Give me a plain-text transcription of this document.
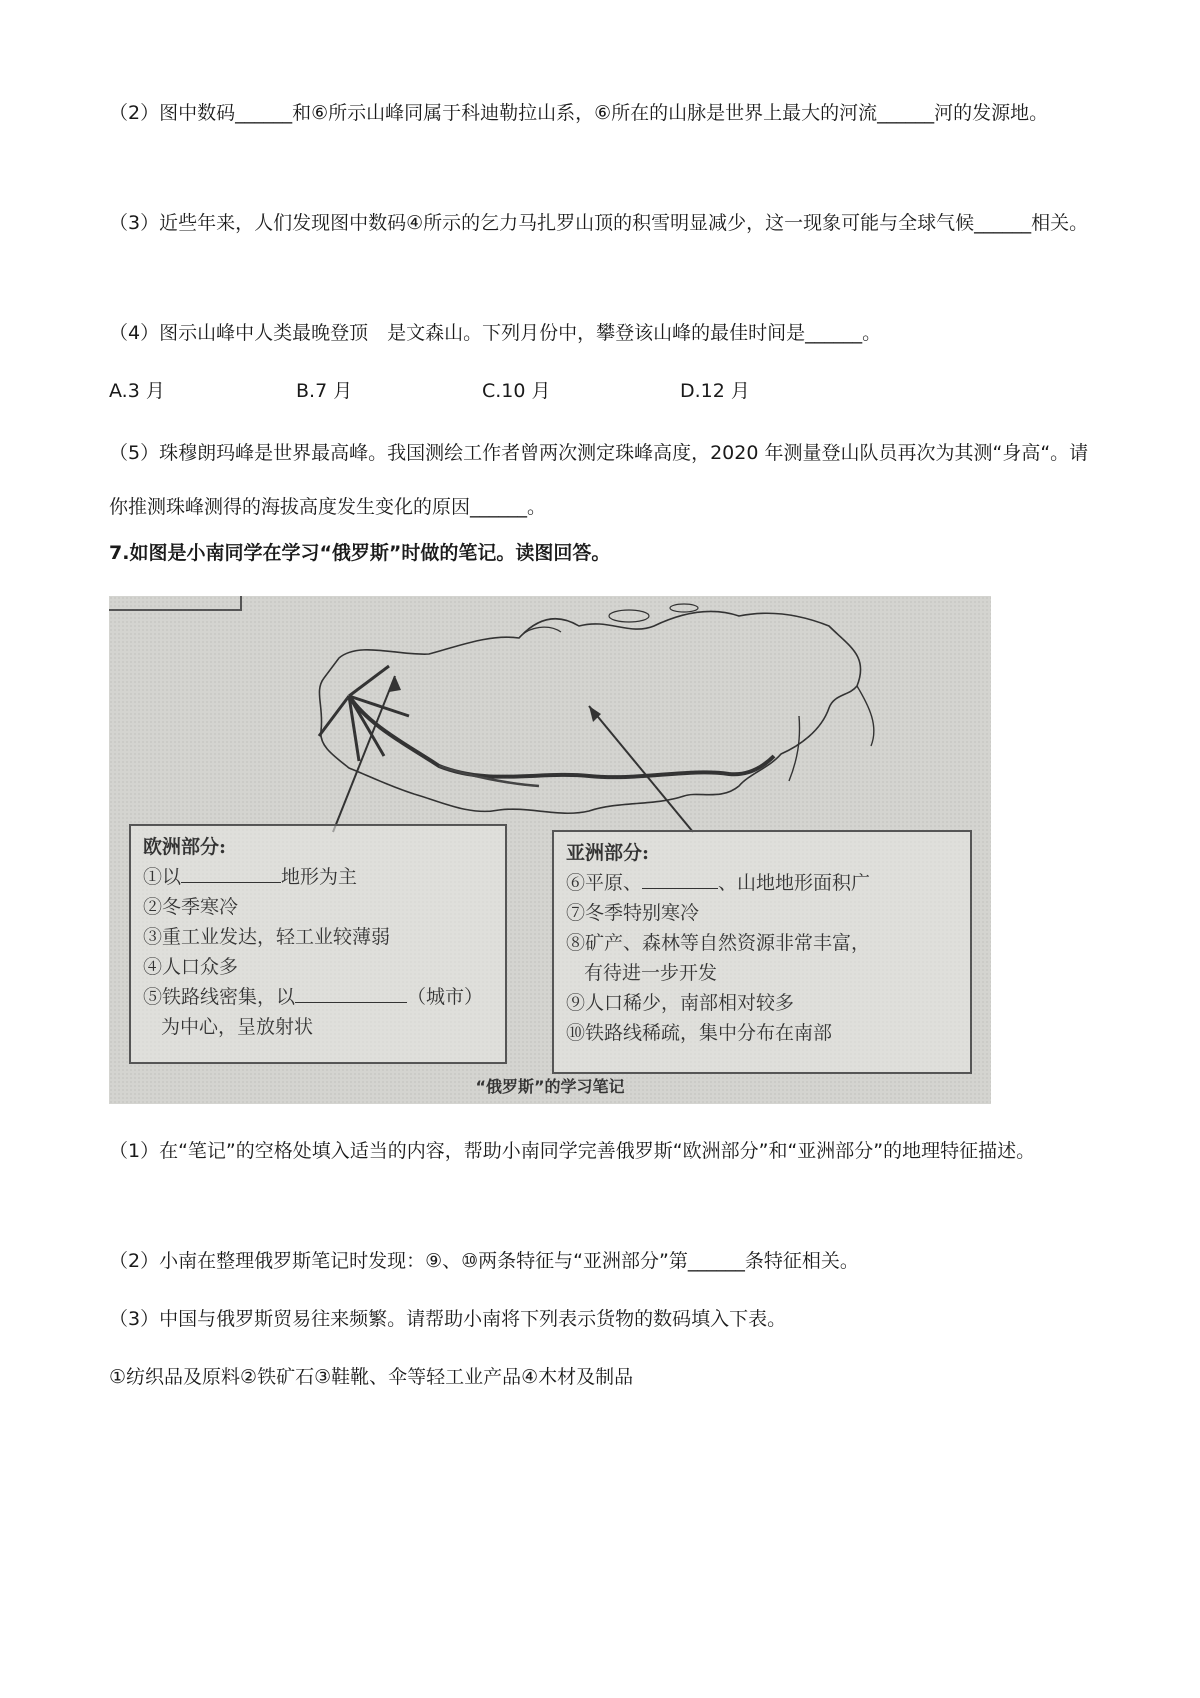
（2）图中数码______和⑥所示山峰同属于科迪勒拉山系，⑥所在的山脉是世界上最大的河流______河的发源地。

（3）近些年来，人们发现图中数码④所示的乞力马扎罗山顶的积雪明显减少，这一现象可能与全球气候______相关。

（4）图示山峰中人类最晚登顶　是文森山。下列月份中，攀登该山峰的最佳时间是______。

A.3 月	B.7 月	C.10 月	D.12 月

（5）珠穆朗玛峰是世界最高峰。我国测绘工作者曾两次测定珠峰高度，2020 年测量登山队员再次为其测“身高“。请你推测珠峰测得的海拔高度发生变化的原因______。

7.如图是小南同学在学习“俄罗斯”时做的笔记。读图回答。

欧洲部分:
①以	地形为主
②冬季寒冷
③重工业发达，轻工业较薄弱
④人口众多
⑤铁路线密集，以	（城市）
为中心，呈放射状
亚洲部分:
⑥平原、	、山地地形面积广
⑦冬季特别寒冷
⑧矿产、森林等自然资源非常丰富，
有待进一步开发
⑨人口稀少，南部相对较多
⑩铁路线稀疏，集中分布在南部
“俄罗斯”的学习笔记

（1）在“笔记”的空格处填入适当的内容，帮助小南同学完善俄罗斯“欧洲部分”和“亚洲部分”的地理特征描述。

（2）小南在整理俄罗斯笔记时发现：⑨、⑩两条特征与“亚洲部分”第______条特征相关。

（3）中国与俄罗斯贸易往来频繁。请帮助小南将下列表示货物的数码填入下表。

①纺织品及原料②铁矿石③鞋靴、伞等轻工业产品④木材及制品
